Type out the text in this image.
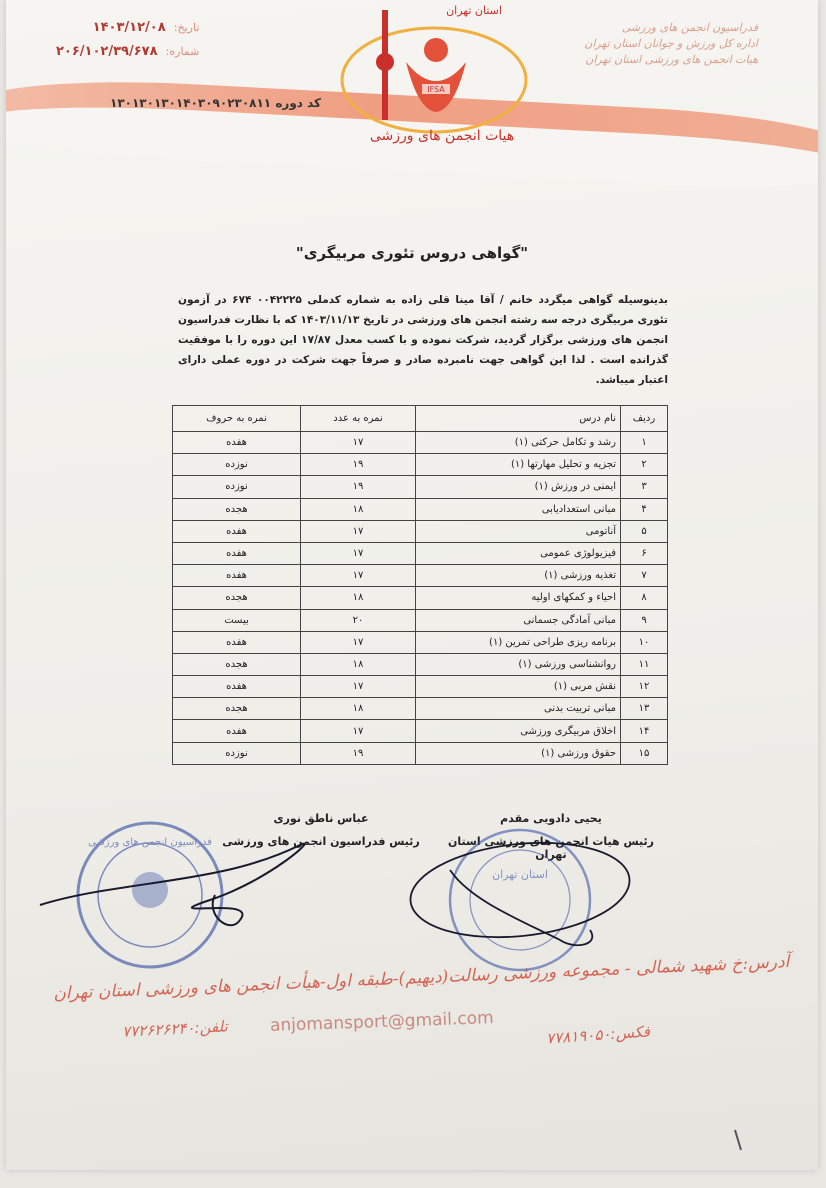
فدراسیون انجمن های ورزشی
اداره کل ورزش و جوانان استان تهران
هیات انجمن های ورزشی استان تهران
تاریخ: ۱۴۰۳/۱۲/۰۸
شماره: ۲۰۶/۱۰۲/۳۹/۶۷۸
کد دوره ۱۳۰۱۳۰۱۳۰۱۴۰۳۰۹۰۲۳۰۸۱۱
IFSA
استان تهران
هیات انجمن های ورزشی
"گواهی دروس تئوری مربیگری"
بدینوسیله گواهی میگردد خانم / آقا مینا قلی زاده به شماره کدملی ۰۰۴۲۲۲۵ ۶۷۴ در آزمون تئوری مربیگری درجه سه رشته انجمن های ورزشی در تاریخ ۱۴۰۳/۱۱/۱۳ که با نظارت فدراسیون انجمن های ورزشی برگزار گردید، شرکت نموده و با کسب معدل ۱۷/۸۷ این دوره را با موفقیت گذرانده است . لذا این گواهی جهت نامبرده صادر و صرفاً جهت شرکت در دوره عملی دارای اعتبار میباشد.
ردیف	نام درس	نمره به عدد	نمره به حروف
۱	رشد و تکامل حرکتی (۱)	۱۷	هفده
۲	تجزیه و تحلیل مهارتها (۱)	۱۹	نوزده
۳	ایمنی در ورزش (۱)	۱۹	نوزده
۴	مبانی استعدادیابی	۱۸	هجده
۵	آناتومی	۱۷	هفده
۶	فیزیولوژی عمومی	۱۷	هفده
۷	تغذیه ورزشی (۱)	۱۷	هفده
۸	احیاء و کمکهای اولیه	۱۸	هجده
۹	مبانی آمادگی جسمانی	۲۰	بیست
۱۰	برنامه ریزی طراحی تمرین (۱)	۱۷	هفده
۱۱	روانشناسی ورزشی (۱)	۱۸	هجده
۱۲	نقش مربی (۱)	۱۷	هفده
۱۳	مبانی تربیت بدنی	۱۸	هجده
۱۴	اخلاق مربیگری ورزشی	۱۷	هفده
۱۵	حقوق ورزشی (۱)	۱۹	نوزده
یحیی دادویی مقدم
رئیس هیات انجمن های ورزشی استان تهران
عباس ناطق نوری
رئیس فدراسیون انجمن های ورزشی
آدرس:خ شهید شمالی - مجموعه ورزشی رسالت(دیهیم)-طبقه اول-هیأت انجمن های ورزشی استان تهران
anjomansport@gmail.com
تلفن:۷۷۲۶۲۶۲۴۰	فکس:۷۷۸۱۹۰۵۰
فدراسیون انجمن های ورزشی
استان تهران
